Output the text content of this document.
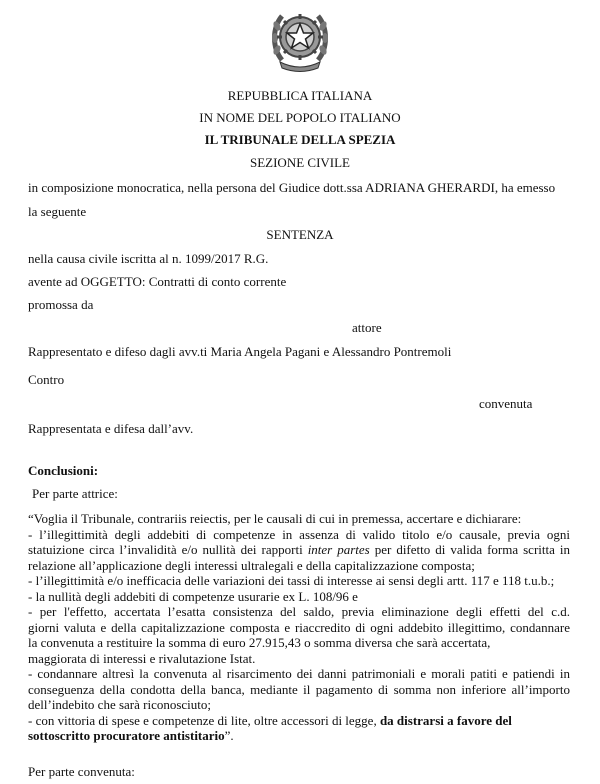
REPUBBLICA ITALIANA
IN NOME DEL POPOLO ITALIANO
IL TRIBUNALE DELLA SPEZIA
SEZIONE CIVILE
in composizione monocratica, nella persona del Giudice dott.ssa ADRIANA GHERARDI, ha emesso
la seguente
SENTENZA
nella causa civile iscritta al n. 1099/2017 R.G.
avente ad OGGETTO: Contratti di conto corrente
promossa da
attore
Rappresentato e difeso dagli avv.ti Maria Angela Pagani e Alessandro Pontremoli
Contro
convenuta
Rappresentata e difesa dall’avv.
Conclusioni:
Per parte attrice:
“Voglia il Tribunale, contrariis reiectis, per le causali di cui in premessa, accertare e dichiarare:
- l’illegittimità degli addebiti di competenze in assenza di valido titolo e/o causale, previa ogni
statuizione circa l’invalidità e/o nullità dei rapporti inter partes per difetto di valida forma scritta in
relazione all’applicazione degli interessi ultralegali e della capitalizzazione composta;
- l’illegittimità e/o inefficacia delle variazioni dei tassi di interesse ai sensi degli artt. 117 e 118 t.u.b.;
- la nullità degli addebiti di competenze usurarie ex L. 108/96 e
- per l'effetto, accertata l’esatta consistenza del saldo, previa eliminazione degli effetti del c.d.
giorni valuta e della capitalizzazione composta e riaccredito di ogni addebito illegittimo, condannare
la convenuta a restituire la somma di euro 27.915,43 o somma diversa che sarà accertata,
maggiorata di interessi e rivalutazione Istat.
- condannare altresì la convenuta al risarcimento dei danni patrimoniali e morali patiti e patiendi in
conseguenza della condotta della banca, mediante il pagamento di somma non inferiore all’importo
dell’indebito che sarà riconosciuto;
- con vittoria di spese e competenze di lite, oltre accessori di legge, da distrarsi a favore del
sottoscritto procuratore antistitario”.
Per parte convenuta:
